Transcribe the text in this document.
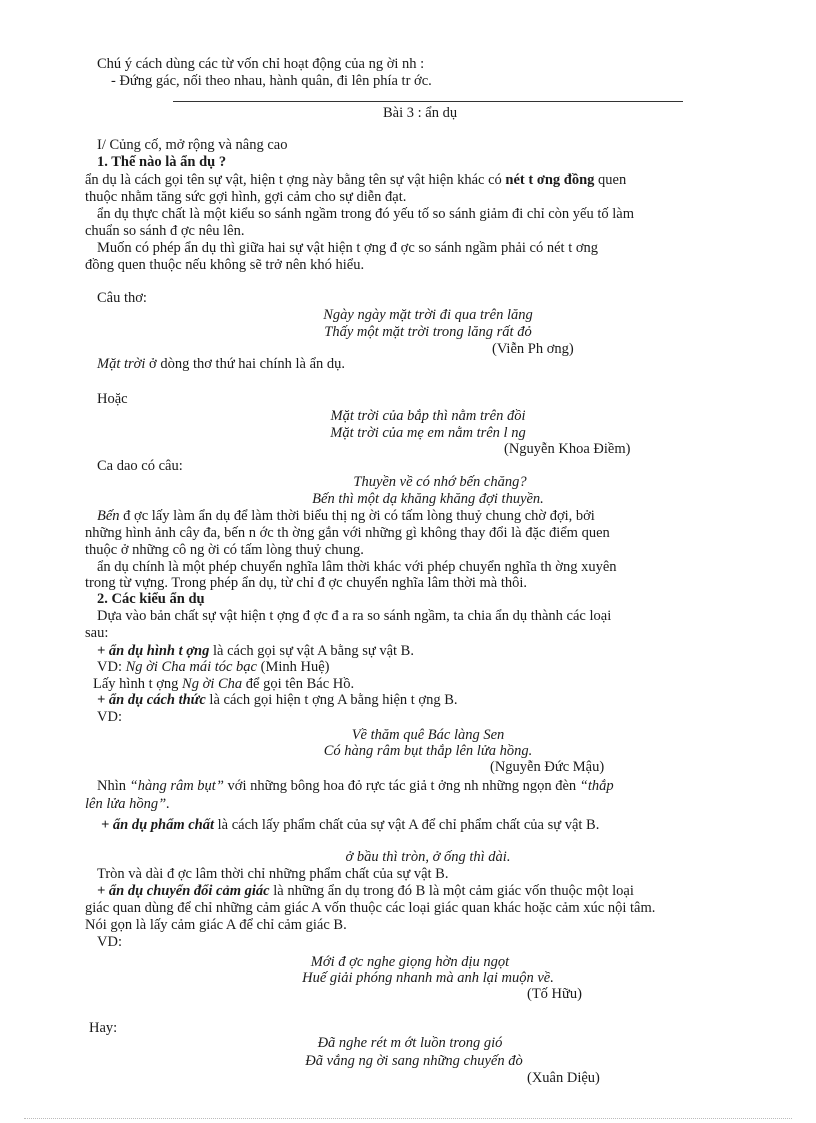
Chú ý cách dùng các từ vốn chỉ hoạt động của ng ời nh :
- Đứng gác, nối theo nhau, hành quân, đi lên phía tr ớc.
Bài 3 : ẩn dụ
I/ Củng cố, mở rộng và nâng cao
1. Thế nào là ẩn dụ ?
ẩn dụ là cách gọi tên sự vật, hiện t ợng này bằng tên sự vật hiện khác có nét t ơng đồng quen
thuộc nhằm tăng sức gợi hình, gợi cảm cho sự diễn đạt.
ẩn dụ thực chất là một kiểu so sánh ngầm trong đó yếu tố so sánh giảm đi chỉ còn yếu tố làm
chuẩn so sánh đ ợc nêu lên.
Muốn có phép ẩn dụ thì giữa hai sự vật hiện t ợng đ ợc so sánh ngầm phải có nét t ơng
đồng quen thuộc nếu không sẽ trở nên khó hiểu.
Câu thơ:
Ngày ngày mặt trời đi qua trên lăng
Thấy một mặt trời trong lăng rất đỏ
(Viễn Ph ơng)
Mặt trời ở dòng thơ thứ hai chính là ẩn dụ.
Hoặc
Mặt trời của bắp thì nằm trên đồi
Mặt trời của mẹ em nằm trên l ng
(Nguyễn Khoa Điềm)
Ca dao có câu:
Thuyền về có nhớ bến chăng?
Bến thì một dạ khăng khăng đợi thuyền.
Bến đ ợc lấy làm ẩn dụ để làm thời biểu thị ng ời có tấm lòng thuỷ chung chờ đợi, bởi
những hình ảnh cây đa, bến n ớc th ờng gắn với những gì không thay đổi là đặc điểm quen
thuộc ở những cô ng ời có tấm lòng thuỷ chung.
ẩn dụ chính là một phép chuyển nghĩa lâm thời khác với phép chuyển nghĩa th ờng xuyên
trong từ vựng. Trong phép ẩn dụ, từ chỉ đ ợc chuyển nghĩa lâm thời mà thôi.
2. Các kiểu ẩn dụ
Dựa vào bản chất sự vật hiện t ợng đ ợc đ a ra so sánh ngầm, ta chia ẩn dụ thành các loại
sau:
+ ẩn dụ hình t ợng là cách gọi sự vật A bằng sự vật B.
VD: Ng ời Cha mái tóc bạc (Minh Huệ)
Lấy hình t ợng Ng ời Cha để gọi tên Bác Hồ.
+ ẩn dụ cách thức là cách gọi hiện t ợng A bằng hiện t ợng B.
VD:
Về thăm quê Bác làng Sen
Có hàng râm bụt thắp lên lửa hồng.
(Nguyễn Đức Mậu)
Nhìn “hàng râm bụt” với những bông hoa đỏ rực tác giả t ởng nh những ngọn đèn “thắp
lên lửa hồng”.
+ ẩn dụ phẩm chất là cách lấy phẩm chất của sự vật A để chỉ phẩm chất của sự vật B.
ở bầu thì tròn, ở ống thì dài.
Tròn và dài đ ợc lâm thời chỉ những phẩm chất của sự vật B.
+ ẩn dụ chuyển đổi cảm giác là những ẩn dụ trong đó B là một cảm giác vốn thuộc một loại
giác quan dùng để chỉ những cảm giác A vốn thuộc các loại giác quan khác hoặc cảm xúc nội tâm.
Nói gọn là lấy cảm giác A để chỉ cảm giác B.
VD:
Mới đ ợc nghe giọng hờn dịu ngọt
Huế giải phóng nhanh mà anh lại muộn về.
(Tố Hữu)
Hay:
Đã nghe rét m ớt luồn trong gió
Đã vắng ng ời sang những chuyến đò
(Xuân Diệu)
